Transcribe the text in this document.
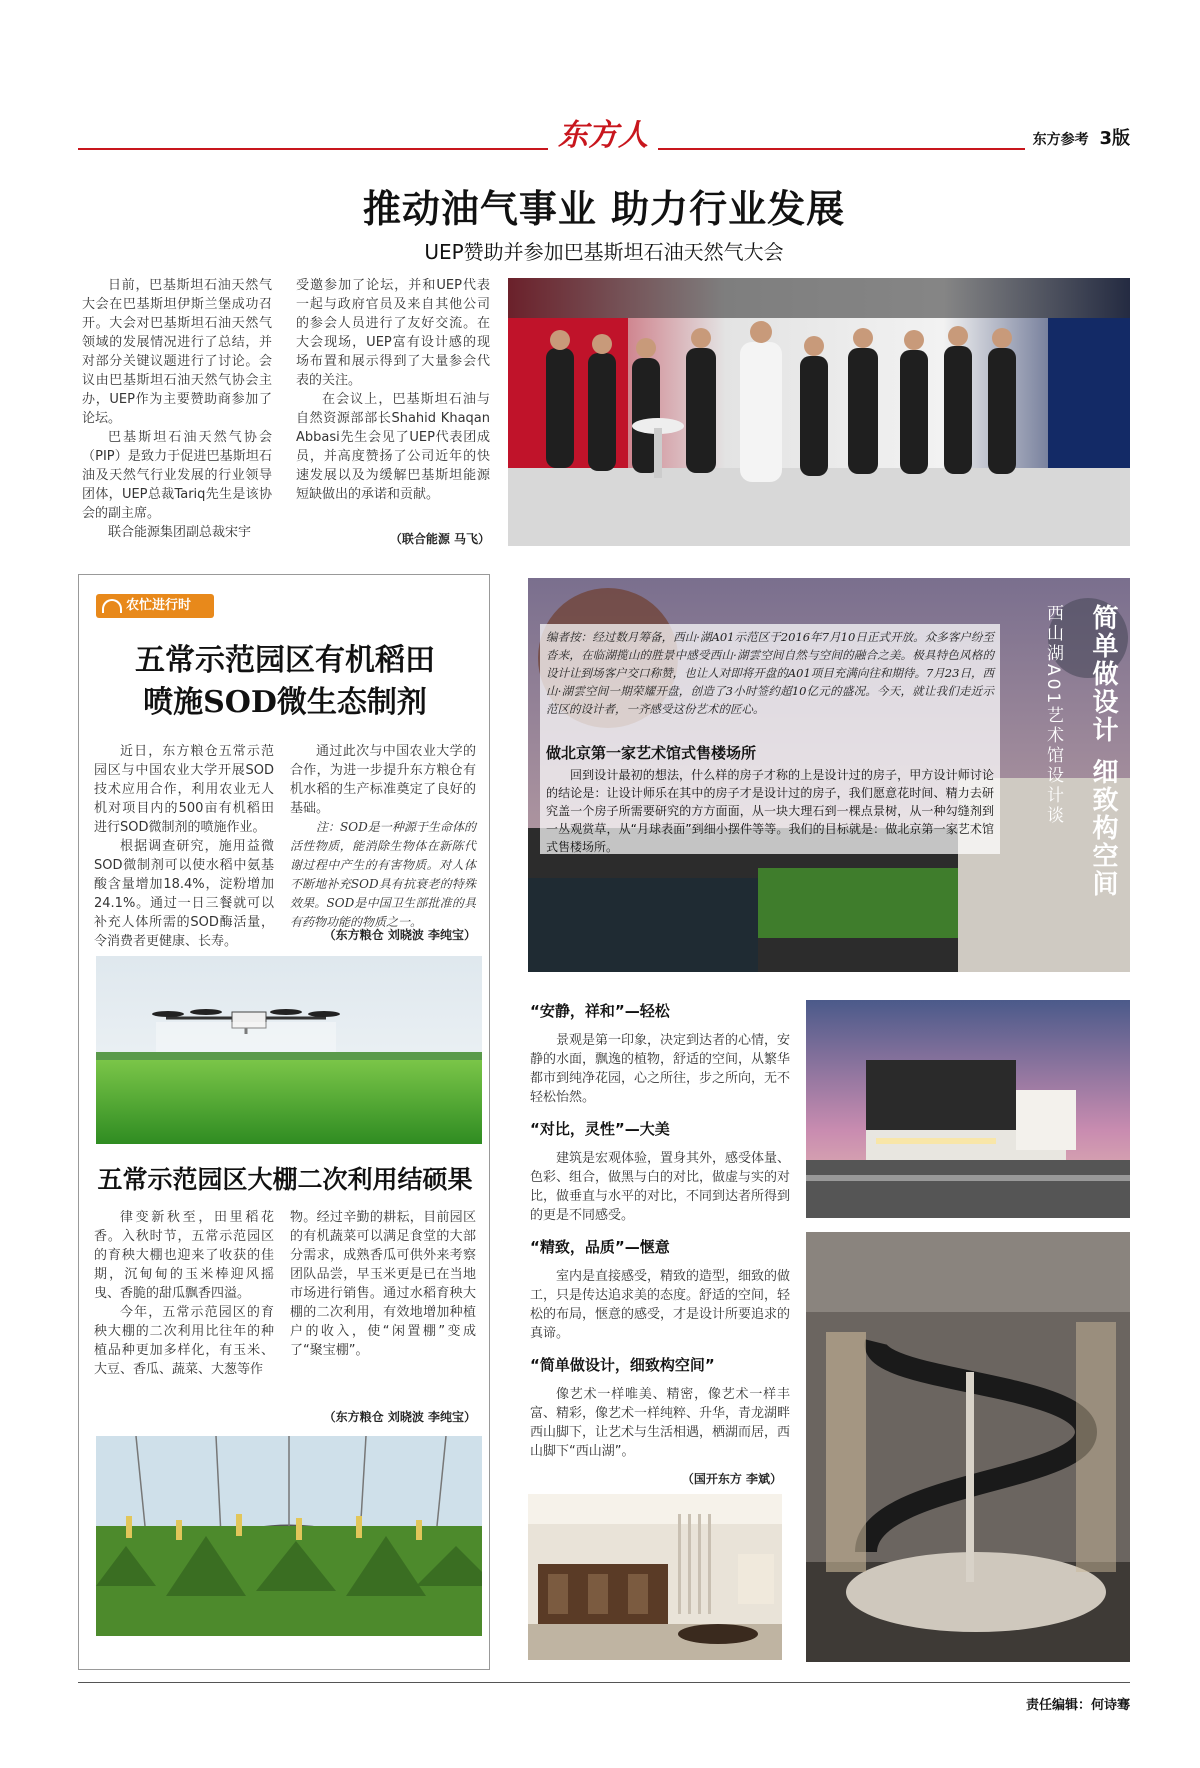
东方人	东方参考 3版
推动油气事业 助力行业发展
UEP赞助并参加巴基斯坦石油天然气大会

日前，巴基斯坦石油天然气大会在巴基斯坦伊斯兰堡成功召开。大会对巴基斯坦石油天然气领域的发展情况进行了总结，并对部分关键议题进行了讨论。会议由巴基斯坦石油天然气协会主办，UEP作为主要赞助商参加了论坛。

巴基斯坦石油天然气协会（PIP）是致力于促进巴基斯坦石油及天然气行业发展的行业领导团体，UEP总裁Tariq先生是该协会的副主席。

联合能源集团副总裁宋宇

受邀参加了论坛，并和UEP代表一起与政府官员及来自其他公司的参会人员进行了友好交流。在大会现场，UEP富有设计感的现场布置和展示得到了大量参会代表的关注。

在会议上，巴基斯坦石油与自然资源部部长Shahid Khaqan Abbasi先生会见了UEP代表团成员，并高度赞扬了公司近年的快速发展以及为缓解巴基斯坦能源短缺做出的承诺和贡献。

（联合能源 马飞）
农忙进行时
五常示范园区有机稻田
喷施SOD微生态制剂

近日，东方粮仓五常示范园区与中国农业大学开展SOD技术应用合作，利用农业无人机对项目内的500亩有机稻田进行SOD微制剂的喷施作业。

根据调查研究，施用益微SOD微制剂可以使水稻中氨基酸含量增加18.4%，淀粉增加24.1%。通过一日三餐就可以补充人体所需的SOD酶活量，令消费者更健康、长寿。

通过此次与中国农业大学的合作，为进一步提升东方粮仓有机水稻的生产标准奠定了良好的基础。

注：SOD是一种源于生命体的活性物质，能消除生物体在新陈代谢过程中产生的有害物质。对人体不断地补充SOD具有抗衰老的特殊效果。SOD是中国卫生部批准的具有药物功能的物质之一。

（东方粮仓 刘晓波 李纯宝）
五常示范园区大棚二次利用结硕果

律变新秋至，田里稻花香。入秋时节，五常示范园区的育秧大棚也迎来了收获的佳期，沉甸甸的玉米棒迎风摇曳、香脆的甜瓜飘香四溢。

今年，五常示范园区的育秧大棚的二次利用比往年的种植品种更加多样化，有玉米、大豆、香瓜、蔬菜、大葱等作

物。经过辛勤的耕耘，目前园区的有机蔬菜可以满足食堂的大部分需求，成熟香瓜可供外来考察团队品尝，早玉米更是已在当地市场进行销售。通过水稻育秧大棚的二次利用，有效地增加种植户的收入，使“闲置棚”变成了“聚宝棚”。

（东方粮仓 刘晓波 李纯宝）
编者按：经过数月筹备，西山·湖A01示范区于2016年7月10日正式开放。众多客户纷至沓来，在临湖揽山的胜景中感受西山·湖雲空间自然与空间的融合之美。极具特色风格的设计让到场客户交口称赞，也让人对即将开盘的A01项目充满向往和期待。7月23日，西山·湖雲空间一期荣耀开盘，创造了3小时签约超10亿元的盛况。今天，就让我们走近示范区的设计者，一齐感受这份艺术的匠心。
做北京第一家艺术馆式售楼场所
回到设计最初的想法，什么样的房子才称的上是设计过的房子，甲方设计师讨论的结论是：让设计师乐在其中的房子才是设计过的房子，我们愿意花时间、精力去研究盖一个房子所需要研究的方方面面，从一块大理石到一棵点景树，从一种勾缝剂到一丛观赏草，从“月球表面”到细小摆件等等。我们的目标就是：做北京第一家艺术馆式售楼场所。
简单做设计细致构空间
西山湖A01艺术馆设计谈
“安静，祥和”—轻松
景观是第一印象，决定到达者的心情，安静的水面，飘逸的植物，舒适的空间，从繁华都市到纯净花园，心之所往，步之所向，无不轻松怡然。
“对比，灵性”—大美
建筑是宏观体验，置身其外，感受体量、色彩、组合，做黑与白的对比，做虚与实的对比，做垂直与水平的对比，不同到达者所得到的更是不同感受。
“精致，品质”—惬意
室内是直接感受，精致的造型，细致的做工，只是传达追求美的态度。舒适的空间，轻松的布局，惬意的感受，才是设计所要追求的真谛。
“简单做设计，细致构空间”
像艺术一样唯美、精密，像艺术一样丰富、精彩，像艺术一样纯粹、升华，青龙湖畔西山脚下，让艺术与生活相遇，栖湖而居，西山脚下“西山湖”。
（国开东方 李斌）
责任编辑：何诗骞
